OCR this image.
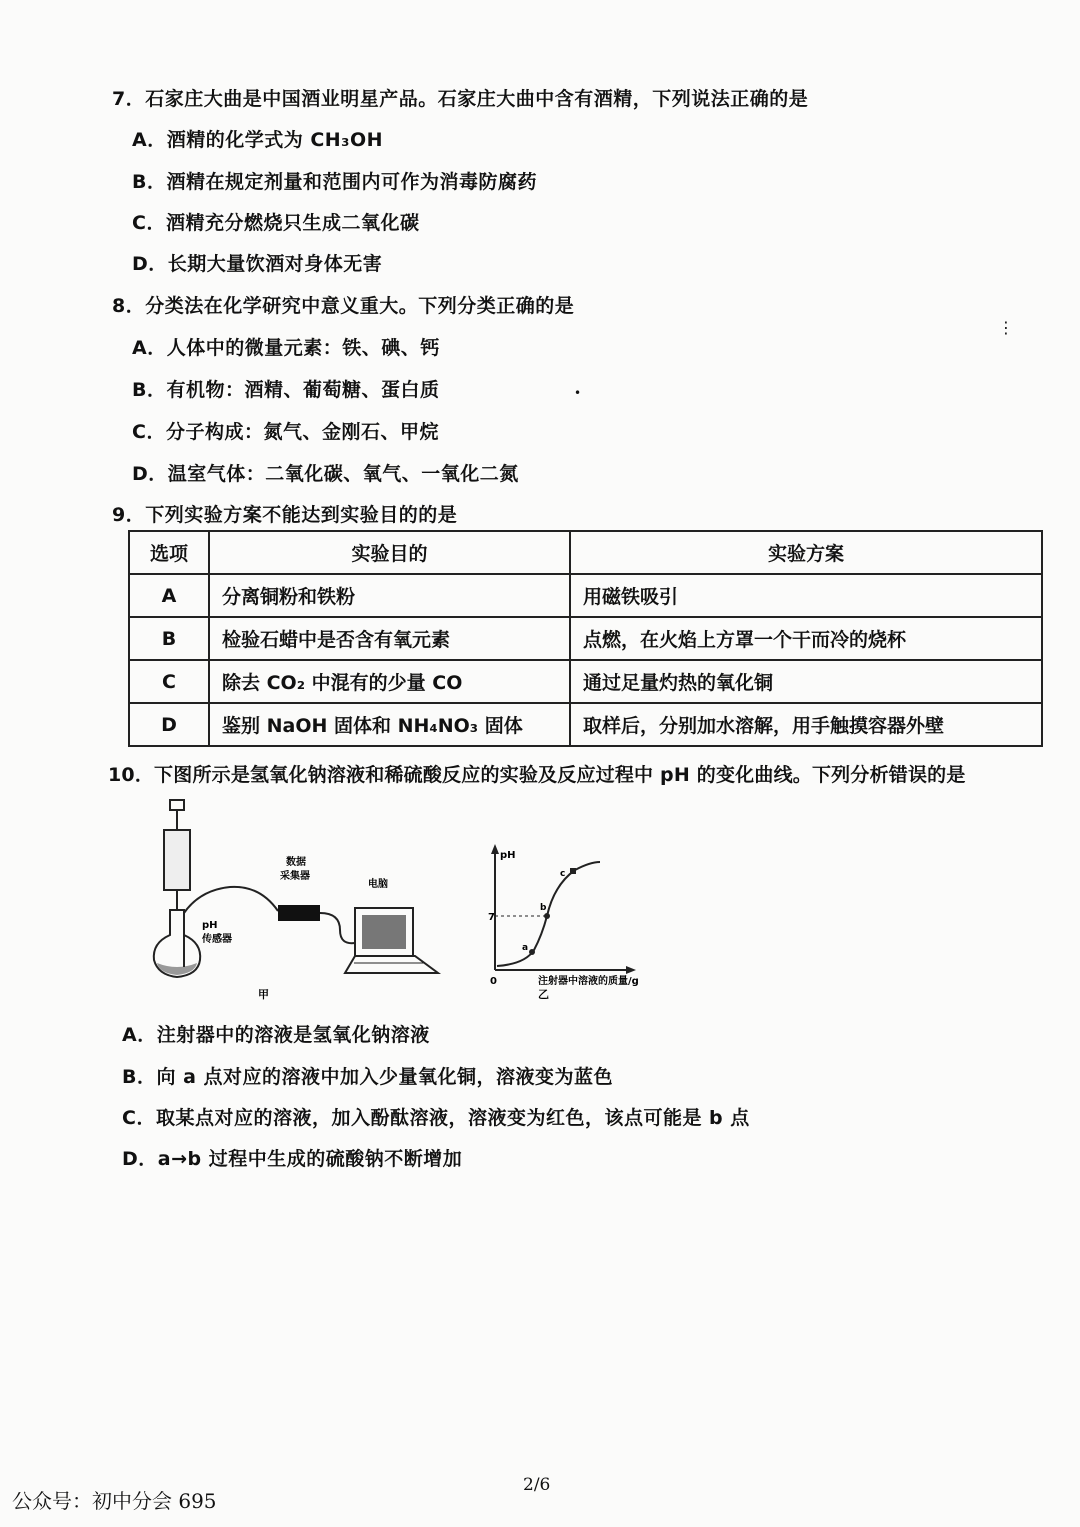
7．石家庄大曲是中国酒业明星产品。石家庄大曲中含有酒精，下列说法正确的是
A．酒精的化学式为 CH₃OH
B．酒精在规定剂量和范围内可作为消毒防腐药
C．酒精充分燃烧只生成二氧化碳
D．长期大量饮酒对身体无害
8．分类法在化学研究中意义重大。下列分类正确的是
A．人体中的微量元素：铁、碘、钙
B．有机物：酒精、葡萄糖、蛋白质
C．分子构成：氮气、金刚石、甲烷
D．温室气体：二氧化碳、氧气、一氧化二氮
⋮
•
9．下列实验方案不能达到实验目的的是
选项	实验目的	实验方案
A	分离铜粉和铁粉	用磁铁吸引
B	检验石蜡中是否含有氧元素	点燃，在火焰上方罩一个干而冷的烧杯
C	除去 CO₂ 中混有的少量 CO	通过足量灼热的氧化铜
D	鉴别 NaOH 固体和 NH₄NO₃ 固体	取样后，分别加水溶解，用手触摸容器外壁
10．下图所示是氢氧化钠溶液和稀硫酸反应的实验及反应过程中 pH 的变化曲线。下列分析错误的是
pH
传感器
数据
采集器
电脑
甲
pH
7
0	注射器中溶液的质量/g
a
b
c
乙
A．注射器中的溶液是氢氧化钠溶液
B．向 a 点对应的溶液中加入少量氧化铜，溶液变为蓝色
C．取某点对应的溶液，加入酚酞溶液，溶液变为红色，该点可能是 b 点
D．a→b 过程中生成的硫酸钠不断增加
2/6
公众号：初中分会 695
